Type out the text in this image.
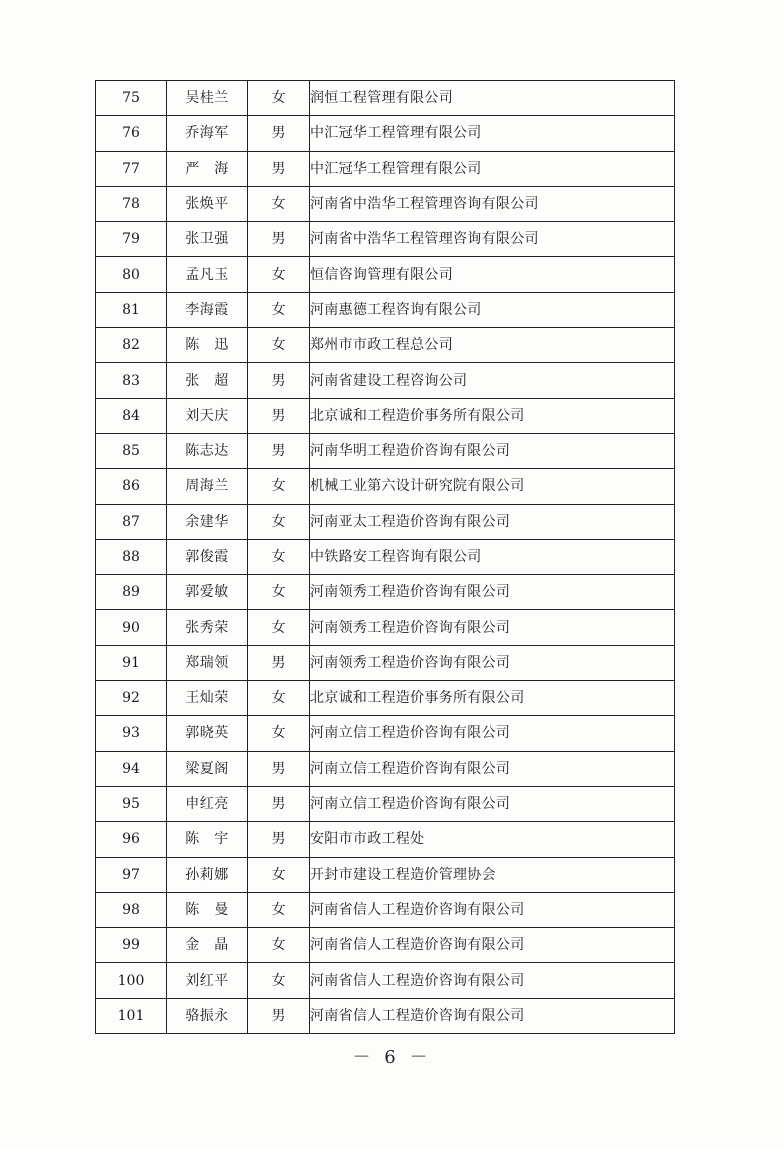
75	吴桂兰	女	润恒工程管理有限公司
76	乔海军	男	中汇冠华工程管理有限公司
77	严　海	男	中汇冠华工程管理有限公司
78	张焕平	女	河南省中浩华工程管理咨询有限公司
79	张卫强	男	河南省中浩华工程管理咨询有限公司
80	孟凡玉	女	恒信咨询管理有限公司
81	李海霞	女	河南惠德工程咨询有限公司
82	陈　迅	女	郑州市市政工程总公司
83	张　超	男	河南省建设工程咨询公司
84	刘天庆	男	北京诚和工程造价事务所有限公司
85	陈志达	男	河南华明工程造价咨询有限公司
86	周海兰	女	机械工业第六设计研究院有限公司
87	余建华	女	河南亚太工程造价咨询有限公司
88	郭俊霞	女	中铁路安工程咨询有限公司
89	郭爱敏	女	河南领秀工程造价咨询有限公司
90	张秀荣	女	河南领秀工程造价咨询有限公司
91	郑瑞领	男	河南领秀工程造价咨询有限公司
92	王灿荣	女	北京诚和工程造价事务所有限公司
93	郭晓英	女	河南立信工程造价咨询有限公司
94	梁夏阁	男	河南立信工程造价咨询有限公司
95	申红亮	男	河南立信工程造价咨询有限公司
96	陈　宇	男	安阳市市政工程处
97	孙莉娜	女	开封市建设工程造价管理协会
98	陈　曼	女	河南省信人工程造价咨询有限公司
99	金　晶	女	河南省信人工程造价咨询有限公司
100	刘红平	女	河南省信人工程造价咨询有限公司
101	骆振永	男	河南省信人工程造价咨询有限公司
－ 6 －
